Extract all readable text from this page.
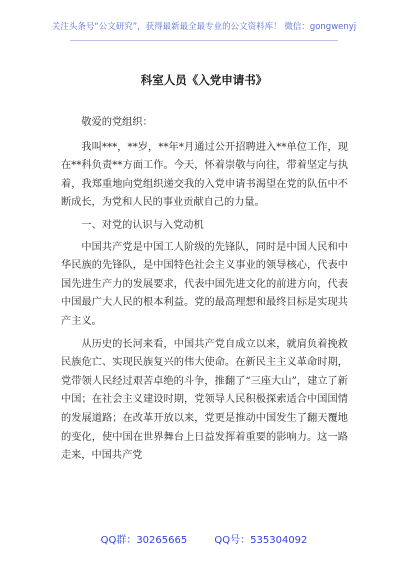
关注头条号“公文研究”，获得最新最全最专业的公文资料库！ 微信：gongwenyj
科室人员《入党申请书》

敬爱的党组织：

我叫***，**岁，**年*月通过公开招聘进入**单位工作，现在**科负责**方面工作。今天，怀着崇敬与向往，带着坚定与执着，我郑重地向党组织递交我的入党申请书渴望在党的队伍中不断成长，为党和人民的事业贡献自己的力量。

一、对党的认识与入党动机

中国共产党是中国工人阶级的先锋队，同时是中国人民和中华民族的先锋队，是中国特色社会主义事业的领导核心，代表中国先进生产力的发展要求，代表中国先进文化的前进方向，代表中国最广大人民的根本利益。党的最高理想和最终目标是实现共产主义。

从历史的长河来看，中国共产党自成立以来，就肩负着挽救民族危亡、实现民族复兴的伟大使命。在新民主主义革命时期，党带领人民经过艰苦卓绝的斗争，推翻了“三座大山”，建立了新中国；在社会主义建设时期，党领导人民积极探索适合中国国情的发展道路；在改革开放以来，党更是推动中国发生了翻天覆地的变化，使中国在世界舞台上日益发挥着重要的影响力。这一路走来，中国共产党

QQ群：30265665	QQ号：535304092
